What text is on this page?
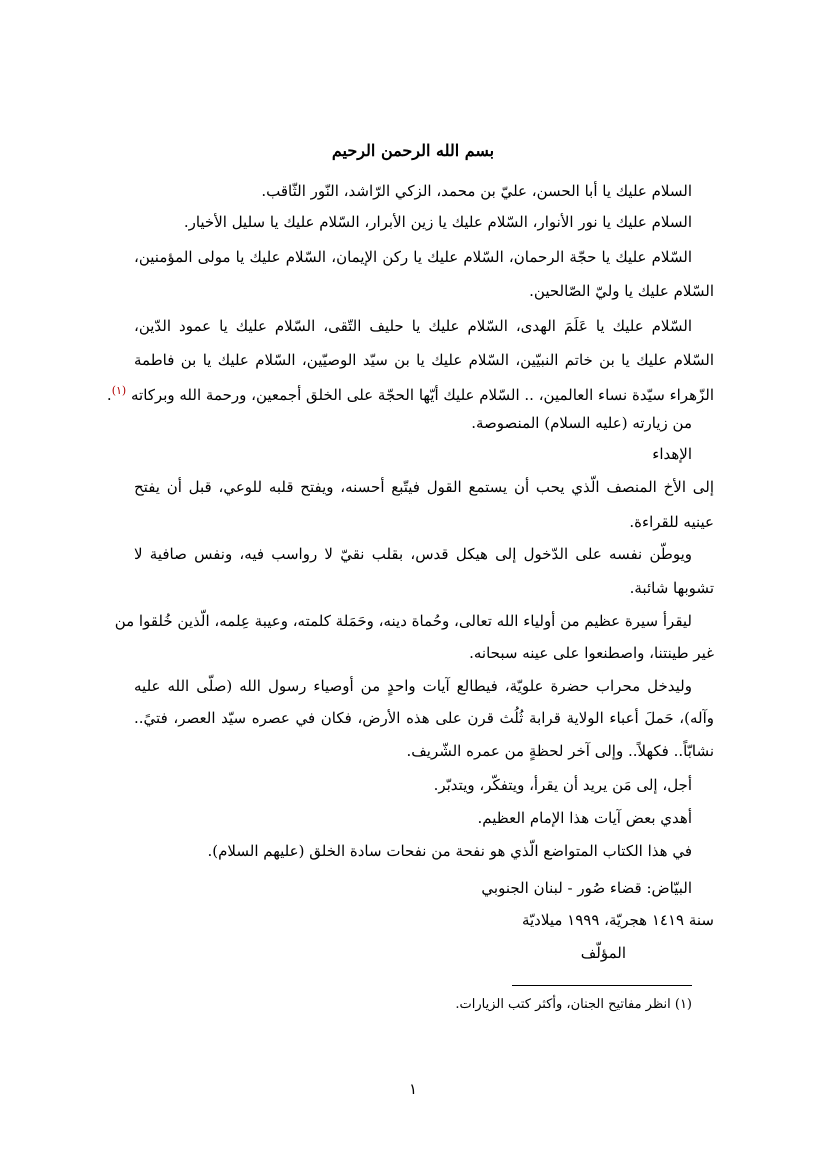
بسم الله الرحمن الرحيم
السلام عليك يا أبا الحسن، عليّ بن محمد، الزكي الرّاشد، النّور الثّاقب.
السلام عليك يا نور الأنوار، السّلام عليك يا زين الأبرار، السّلام عليك يا سليل الأخيار.
السّلام عليك يا حجّة الرحمان، السّلام عليك يا ركن الإيمان، السّلام عليك يا مولى المؤمنين،
السّلام عليك يا وليّ الصّالحين.
السّلام عليك يا عَلَمَ الهدى، السّلام عليك يا حليف التّقى، السّلام عليك يا عمود الدّين،
السّلام عليك يا بن خاتم النبيّين، السّلام عليك يا بن سيّد الوصيّين، السّلام عليك يا بن فاطمة
الزّهراء سيّدة نساء العالمين، .. السّلام عليك أيّها الحجّة على الخلق أجمعين، ورحمة الله وبركاته $^{(١)}$.
من زيارته (عليه السلام) المنصوصة.
الإهداء
إلى الأخ المنصف الّذي يحب أن يستمع القول فيتّبع أحسنه، ويفتح قلبه للوعي، قبل أن يفتح
عينيه للقراءة.
ويوطّن نفسه على الدّخول إلى هيكل قدس، بقلب نقيّ لا رواسب فيه، ونفس صافية لا
تشوبها شائبة.
ليقرأ سيرة عظيم من أولياء الله تعالى، وحُماة دينه، وحَمَلة كلمته، وعيبة عِلمه، الّذين خُلقوا من
غير طينتنا، واصطنعوا على عينه سبحانه.
وليدخل محراب حضرة علويّة، فيطالع آيات واحدٍ من أوصياء رسول الله (صلّى الله عليه
وآله)، حَملَ أعباء الولاية قرابة ثُلُث قرن على هذه الأرض، فكان في عصره سيّد العصر، فتيً..
نشابّاً.. فكهلاً.. وإلى آخر لحظةٍ من عمره الشّريف.
أجل، إلى مَن يريد أن يقرأ، ويتفكّر، ويتدبّر.
أهدي بعض آيات هذا الإمام العظيم.
في هذا الكتاب المتواضع الّذي هو نفحة من نفحات سادة الخلق (عليهم السلام).
البيّاض: قضاء صُور - لبنان الجنوبي
سنة ١٤١٩ هجريّة، ١٩٩٩ ميلاديّة
المؤلّف
(١) انظر مفاتيح الجنان، وأكثر كتب الزيارات.
١
